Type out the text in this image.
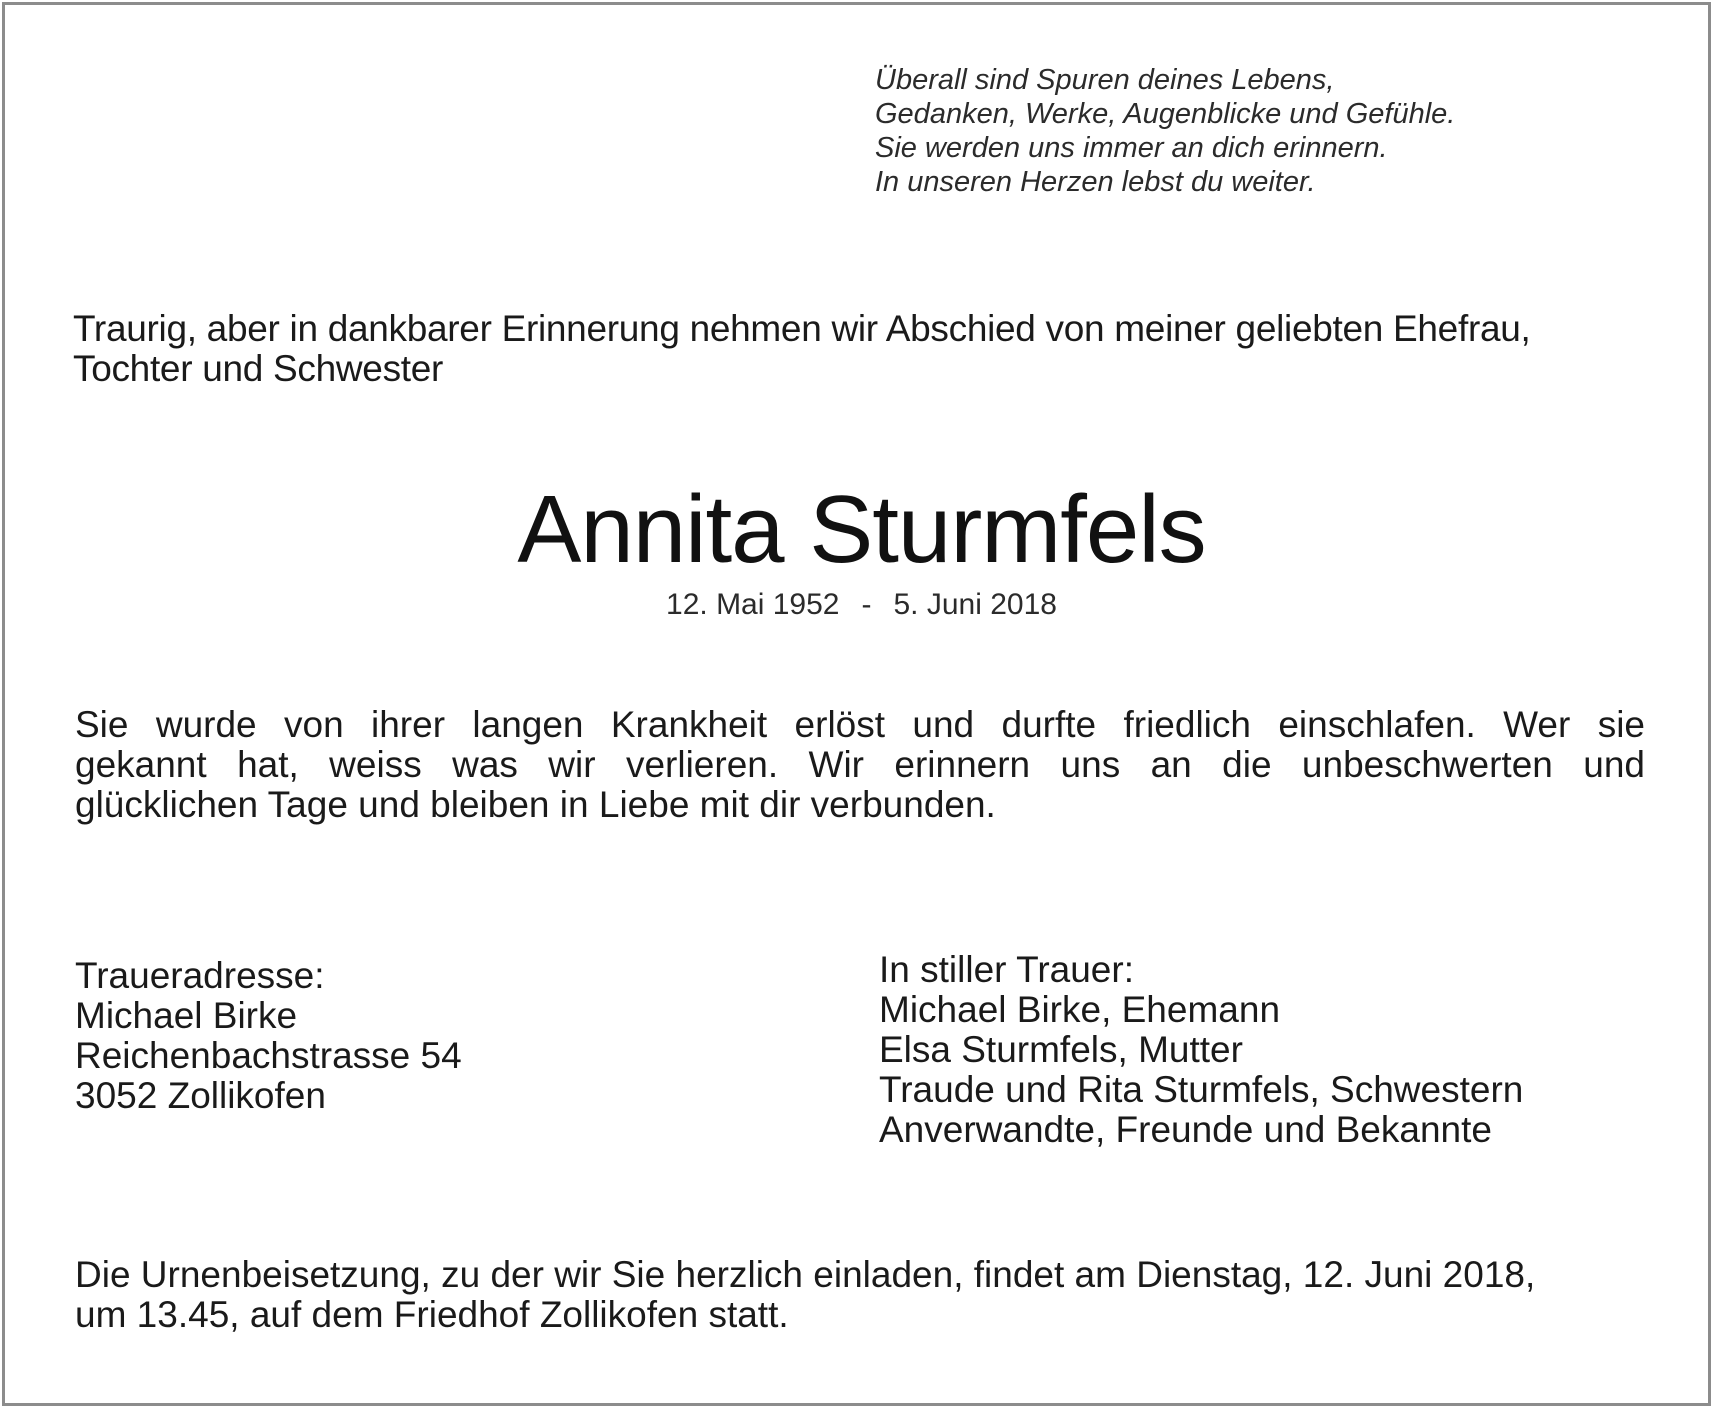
Überall sind Spuren deines Lebens,
Gedanken, Werke, Augenblicke und Gefühle.
Sie werden uns immer an dich erinnern.
In unseren Herzen lebst du weiter.

Traurig, aber in dankbarer Erinnerung nehmen wir Abschied von meiner geliebten Ehefrau,
Tochter und Schwester

Annita Sturmfels
12. Mai 1952 - 5. Juni 2018

Sie wurde von ihrer langen Krankheit erlöst und durfte friedlich einschlafen. Wer sie
gekannt hat, weiss was wir verlieren. Wir erinnern uns an die unbeschwerten und
glücklichen Tage und bleiben in Liebe mit dir verbunden.

Traueradresse:
Michael Birke
Reichenbachstrasse 54
3052 Zollikofen
In stiller Trauer:
Michael Birke, Ehemann
Elsa Sturmfels, Mutter
Traude und Rita Sturmfels, Schwestern
Anverwandte, Freunde und Bekannte

Die Urnenbeisetzung, zu der wir Sie herzlich einladen, findet am Dienstag, 12. Juni 2018,
um 13.45, auf dem Friedhof Zollikofen statt.
